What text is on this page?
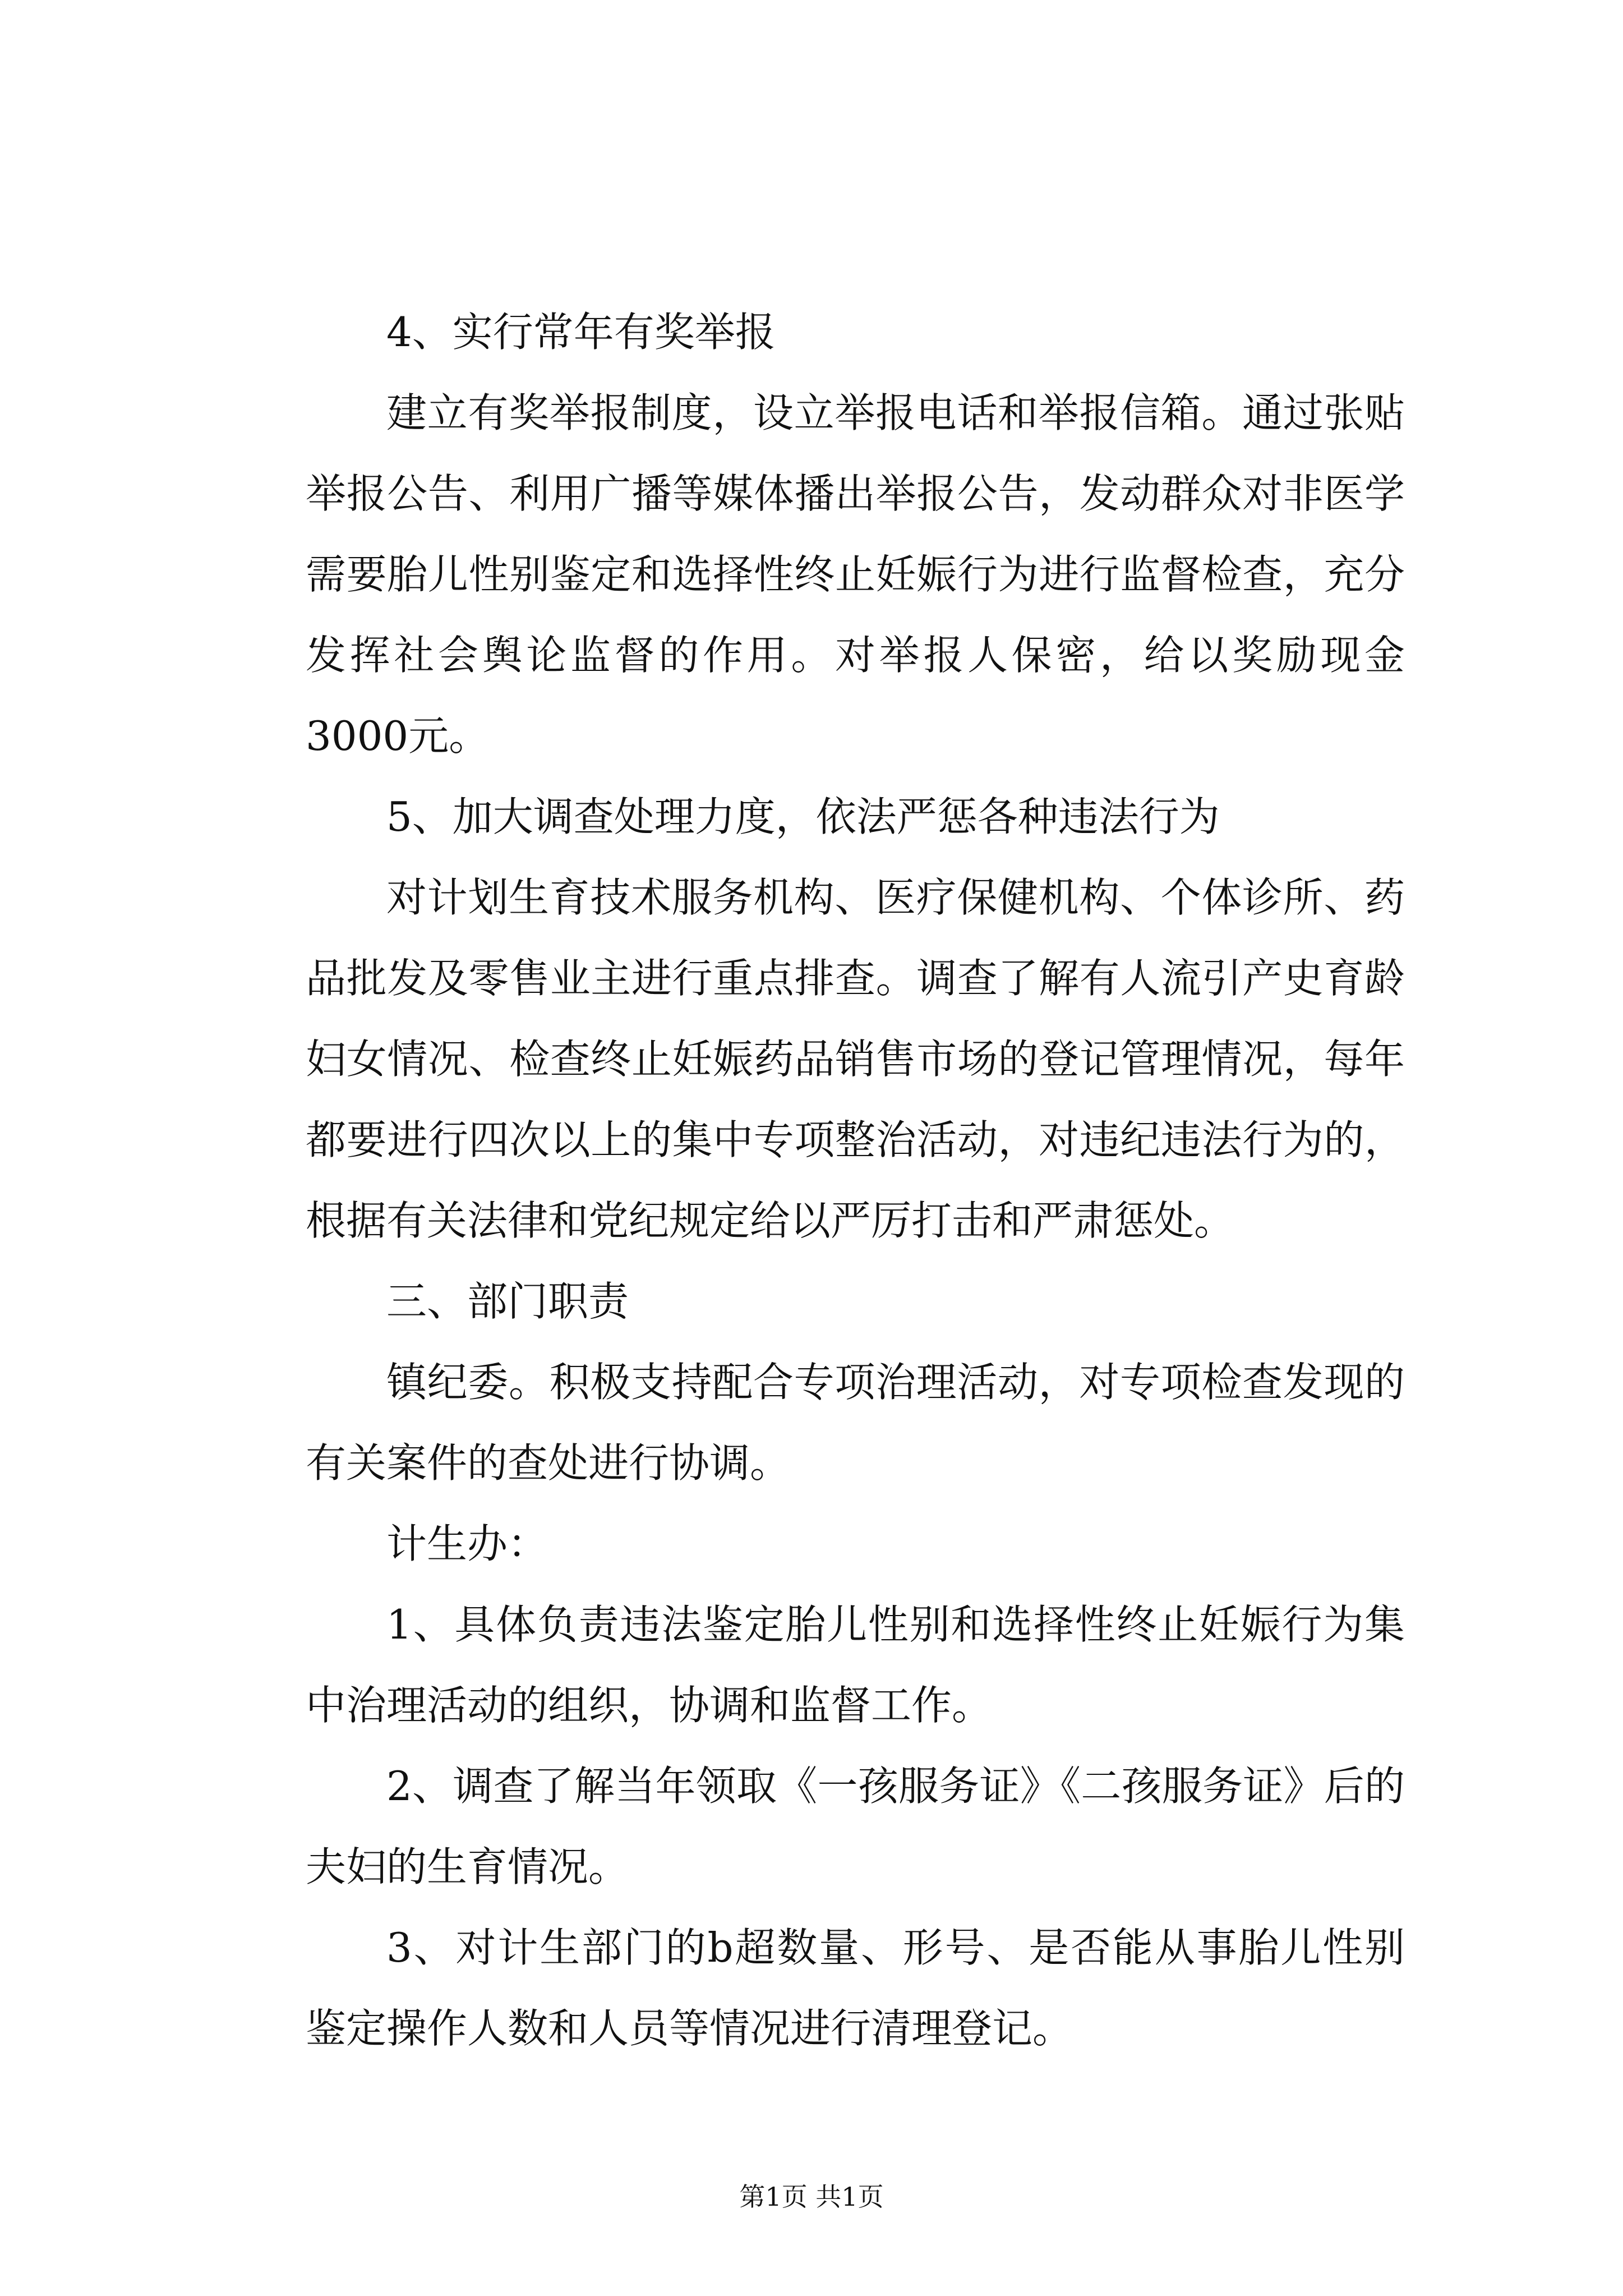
4、实行常年有奖举报

建立有奖举报制度，设立举报电话和举报信箱。通过张贴举报公告、利用广播等媒体播出举报公告，发动群众对非医学需要胎儿性别鉴定和选择性终止妊娠行为进行监督检查，充分发挥社会舆论监督的作用。对举报人保密，给以奖励现金3000元。

5、加大调查处理力度，依法严惩各种违法行为

对计划生育技术服务机构、医疗保健机构、个体诊所、药品批发及零售业主进行重点排查。调查了解有人流引产史育龄妇女情况、检查终止妊娠药品销售市场的登记管理情况，每年都要进行四次以上的集中专项整治活动，对违纪违法行为的，根据有关法律和党纪规定给以严厉打击和严肃惩处。

三、部门职责

镇纪委。积极支持配合专项治理活动，对专项检查发现的有关案件的查处进行协调。

计生办：

1、具体负责违法鉴定胎儿性别和选择性终止妊娠行为集中治理活动的组织，协调和监督工作。

2、调查了解当年领取《一孩服务证》《二孩服务证》后的夫妇的生育情况。

3、对计生部门的b超数量、形号、是否能从事胎儿性别鉴定操作人数和人员等情况进行清理登记。

第1页 共1页
